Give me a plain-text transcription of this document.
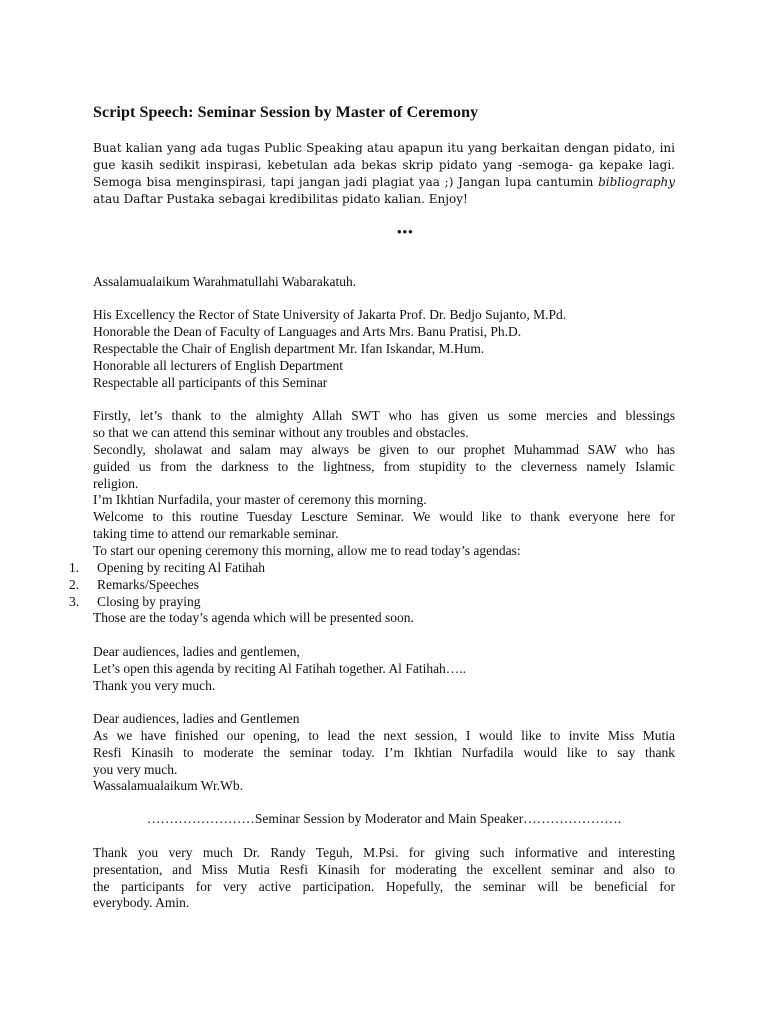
Script Speech: Seminar Session by Master of Ceremony
Buat kalian yang ada tugas Public Speaking atau apapun itu yang berkaitan dengan pidato, ini
gue kasih sedikit inspirasi, kebetulan ada bekas skrip pidato yang -semoga- ga kepake lagi.
Semoga bisa menginspirasi, tapi jangan jadi plagiat yaa ;) Jangan lupa cantumin bibliography
atau Daftar Pustaka sebagai kredibilitas pidato kalian. Enjoy!
•••
Assalamualaikum Warahmatullahi Wabarakatuh.
His Excellency the Rector of State University of Jakarta Prof. Dr. Bedjo Sujanto, M.Pd.
Honorable the Dean of Faculty of Languages and Arts Mrs. Banu Pratisi, Ph.D.
Respectable the Chair of English department Mr. Ifan Iskandar, M.Hum.
Honorable all lecturers of English Department
Respectable all participants of this Seminar
Firstly, let’s thank to the almighty Allah SWT who has given us some mercies and blessings
so that we can attend this seminar without any troubles and obstacles.
Secondly, sholawat and salam may always be given to our prophet Muhammad SAW who has
guided us from the darkness to the lightness, from stupidity to the cleverness namely Islamic
religion.
I’m Ikhtian Nurfadila, your master of ceremony this morning.
Welcome to this routine Tuesday Lescture Seminar. We would like to thank everyone here for
taking time to attend our remarkable seminar.
To start our opening ceremony this morning, allow me to read today’s agendas:
1. Opening by reciting Al Fatihah
2. Remarks/Speeches
3. Closing by praying
Those are the today’s agenda which will be presented soon.
Dear audiences, ladies and gentlemen,
Let’s open this agenda by reciting Al Fatihah together. Al Fatihah…..
Thank you very much.
Dear audiences, ladies and Gentlemen
As we have finished our opening, to lead the next session, I would like to invite Miss Mutia
Resfi Kinasih to moderate the seminar today. I’m Ikhtian Nurfadila would like to say thank
you very much.
Wassalamualaikum Wr.Wb.
……………………Seminar Session by Moderator and Main Speaker………………….
Thank you very much Dr. Randy Teguh, M.Psi. for giving such informative and interesting
presentation, and Miss Mutia Resfi Kinasih for moderating the excellent seminar and also to
the participants for very active participation. Hopefully, the seminar will be beneficial for
everybody. Amin.
